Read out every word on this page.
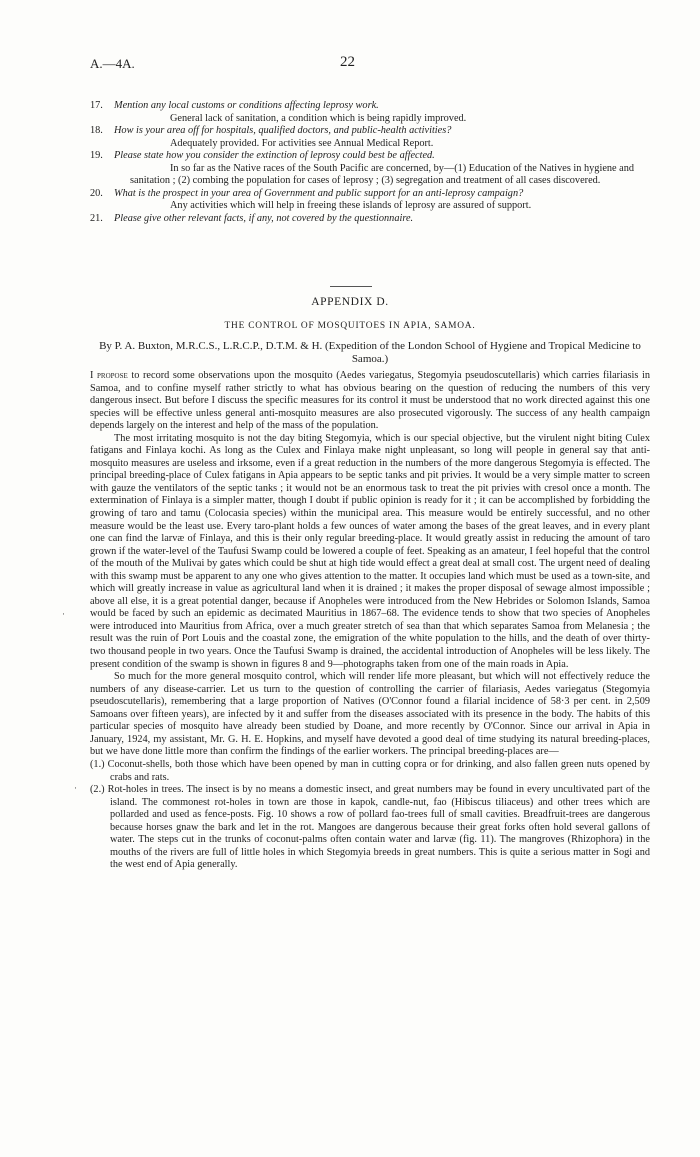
A.—4A.	22

17. Mention any local customs or conditions affecting leprosy work.

General lack of sanitation, a condition which is being rapidly improved.

18. How is your area off for hospitals, qualified doctors, and public-health activities?

Adequately provided. For activities see Annual Medical Report.

19. Please state how you consider the extinction of leprosy could best be affected.

In so far as the Native races of the South Pacific are concerned, by—(1) Education of the Natives in hygiene and sanitation ; (2) combing the population for cases of leprosy ; (3) segregation and treatment of all cases discovered.

20. What is the prospect in your area of Government and public support for an anti-leprosy campaign?

Any activities which will help in freeing these islands of leprosy are assured of support.

21. Please give other relevant facts, if any, not covered by the questionnaire.

APPENDIX D.
THE CONTROL OF MOSQUITOES IN APIA, SAMOA.
By P. A. Buxton, M.R.C.S., L.R.C.P., D.T.M. & H. (Expedition of the London School of Hygiene and Tropical Medicine to Samoa.)

I propose to record some observations upon the mosquito (Aedes variegatus, Stegomyia pseudoscutellaris) which carries filariasis in Samoa, and to confine myself rather strictly to what has obvious bearing on the question of reducing the numbers of this very dangerous insect. But before I discuss the specific measures for its control it must be understood that no work directed against this one species will be effective unless general anti-mosquito measures are also prosecuted vigorously. The success of any health campaign depends largely on the interest and help of the mass of the population.

The most irritating mosquito is not the day biting Stegomyia, which is our special objective, but the virulent night biting Culex fatigans and Finlaya kochi. As long as the Culex and Finlaya make night unpleasant, so long will people in general say that anti-mosquito measures are useless and irksome, even if a great reduction in the numbers of the more dangerous Stegomyia is effected. The principal breeding-place of Culex fatigans in Apia appears to be septic tanks and pit privies. It would be a very simple matter to screen with gauze the ventilators of the septic tanks ; it would not be an enormous task to treat the pit privies with cresol once a month. The extermination of Finlaya is a simpler matter, though I doubt if public opinion is ready for it ; it can be accomplished by forbidding the growing of taro and tamu (Colocasia species) within the municipal area. This measure would be entirely successful, and no other measure would be the least use. Every taro-plant holds a few ounces of water among the bases of the great leaves, and in every plant one can find the larvæ of Finlaya, and this is their only regular breeding-place. It would greatly assist in reducing the amount of taro grown if the water-level of the Taufusi Swamp could be lowered a couple of feet. Speaking as an amateur, I feel hopeful that the control of the mouth of the Mulivai by gates which could be shut at high tide would effect a great deal at small cost. The urgent need of dealing with this swamp must be apparent to any one who gives attention to the matter. It occupies land which must be used as a town-site, and which will greatly increase in value as agricultural land when it is drained ; it makes the proper disposal of sewage almost impossible ; above all else, it is a great potential danger, because if Anopheles were introduced from the New Hebrides or Solomon Islands, Samoa would be faced by such an epidemic as decimated Mauritius in 1867–68. The evidence tends to show that two species of Anopheles were introduced into Mauritius from Africa, over a much greater stretch of sea than that which separates Samoa from Melanesia ; the result was the ruin of Port Louis and the coastal zone, the emigration of the white population to the hills, and the death of over thirty-two thousand people in two years. Once the Taufusi Swamp is drained, the accidental introduction of Anopheles will be less likely. The present condition of the swamp is shown in figures 8 and 9—photographs taken from one of the main roads in Apia.

So much for the more general mosquito control, which will render life more pleasant, but which will not effectively reduce the numbers of any disease-carrier. Let us turn to the question of controlling the carrier of filariasis, Aedes variegatus (Stegomyia pseudoscutellaris), remembering that a large proportion of Natives (O'Connor found a filarial incidence of 58·3 per cent. in 2,509 Samoans over fifteen years), are infected by it and suffer from the diseases associated with its presence in the body. The habits of this particular species of mosquito have already been studied by Doane, and more recently by O'Connor. Since our arrival in Apia in January, 1924, my assistant, Mr. G. H. E. Hopkins, and myself have devoted a good deal of time studying its natural breeding-places, but we have done little more than confirm the findings of the earlier workers. The principal breeding-places are—

(1.) Coconut-shells, both those which have been opened by man in cutting copra or for drinking, and also fallen green nuts opened by crabs and rats.

(2.) Rot-holes in trees. The insect is by no means a domestic insect, and great numbers may be found in every uncultivated part of the island. The commonest rot-holes in town are those in kapok, candle-nut, fao (Hibiscus tiliaceus) and other trees which are pollarded and used as fence-posts. Fig. 10 shows a row of pollard fao-trees full of small cavities. Breadfruit-trees are dangerous because horses gnaw the bark and let in the rot. Mangoes are dangerous because their great forks often hold several gallons of water. The steps cut in the trunks of coconut-palms often contain water and larvæ (fig. 11). The mangroves (Rhizophora) in the mouths of the rivers are full of little holes in which Stegomyia breeds in great numbers. This is quite a serious matter in Sogi and the west end of Apia generally.

·
·
